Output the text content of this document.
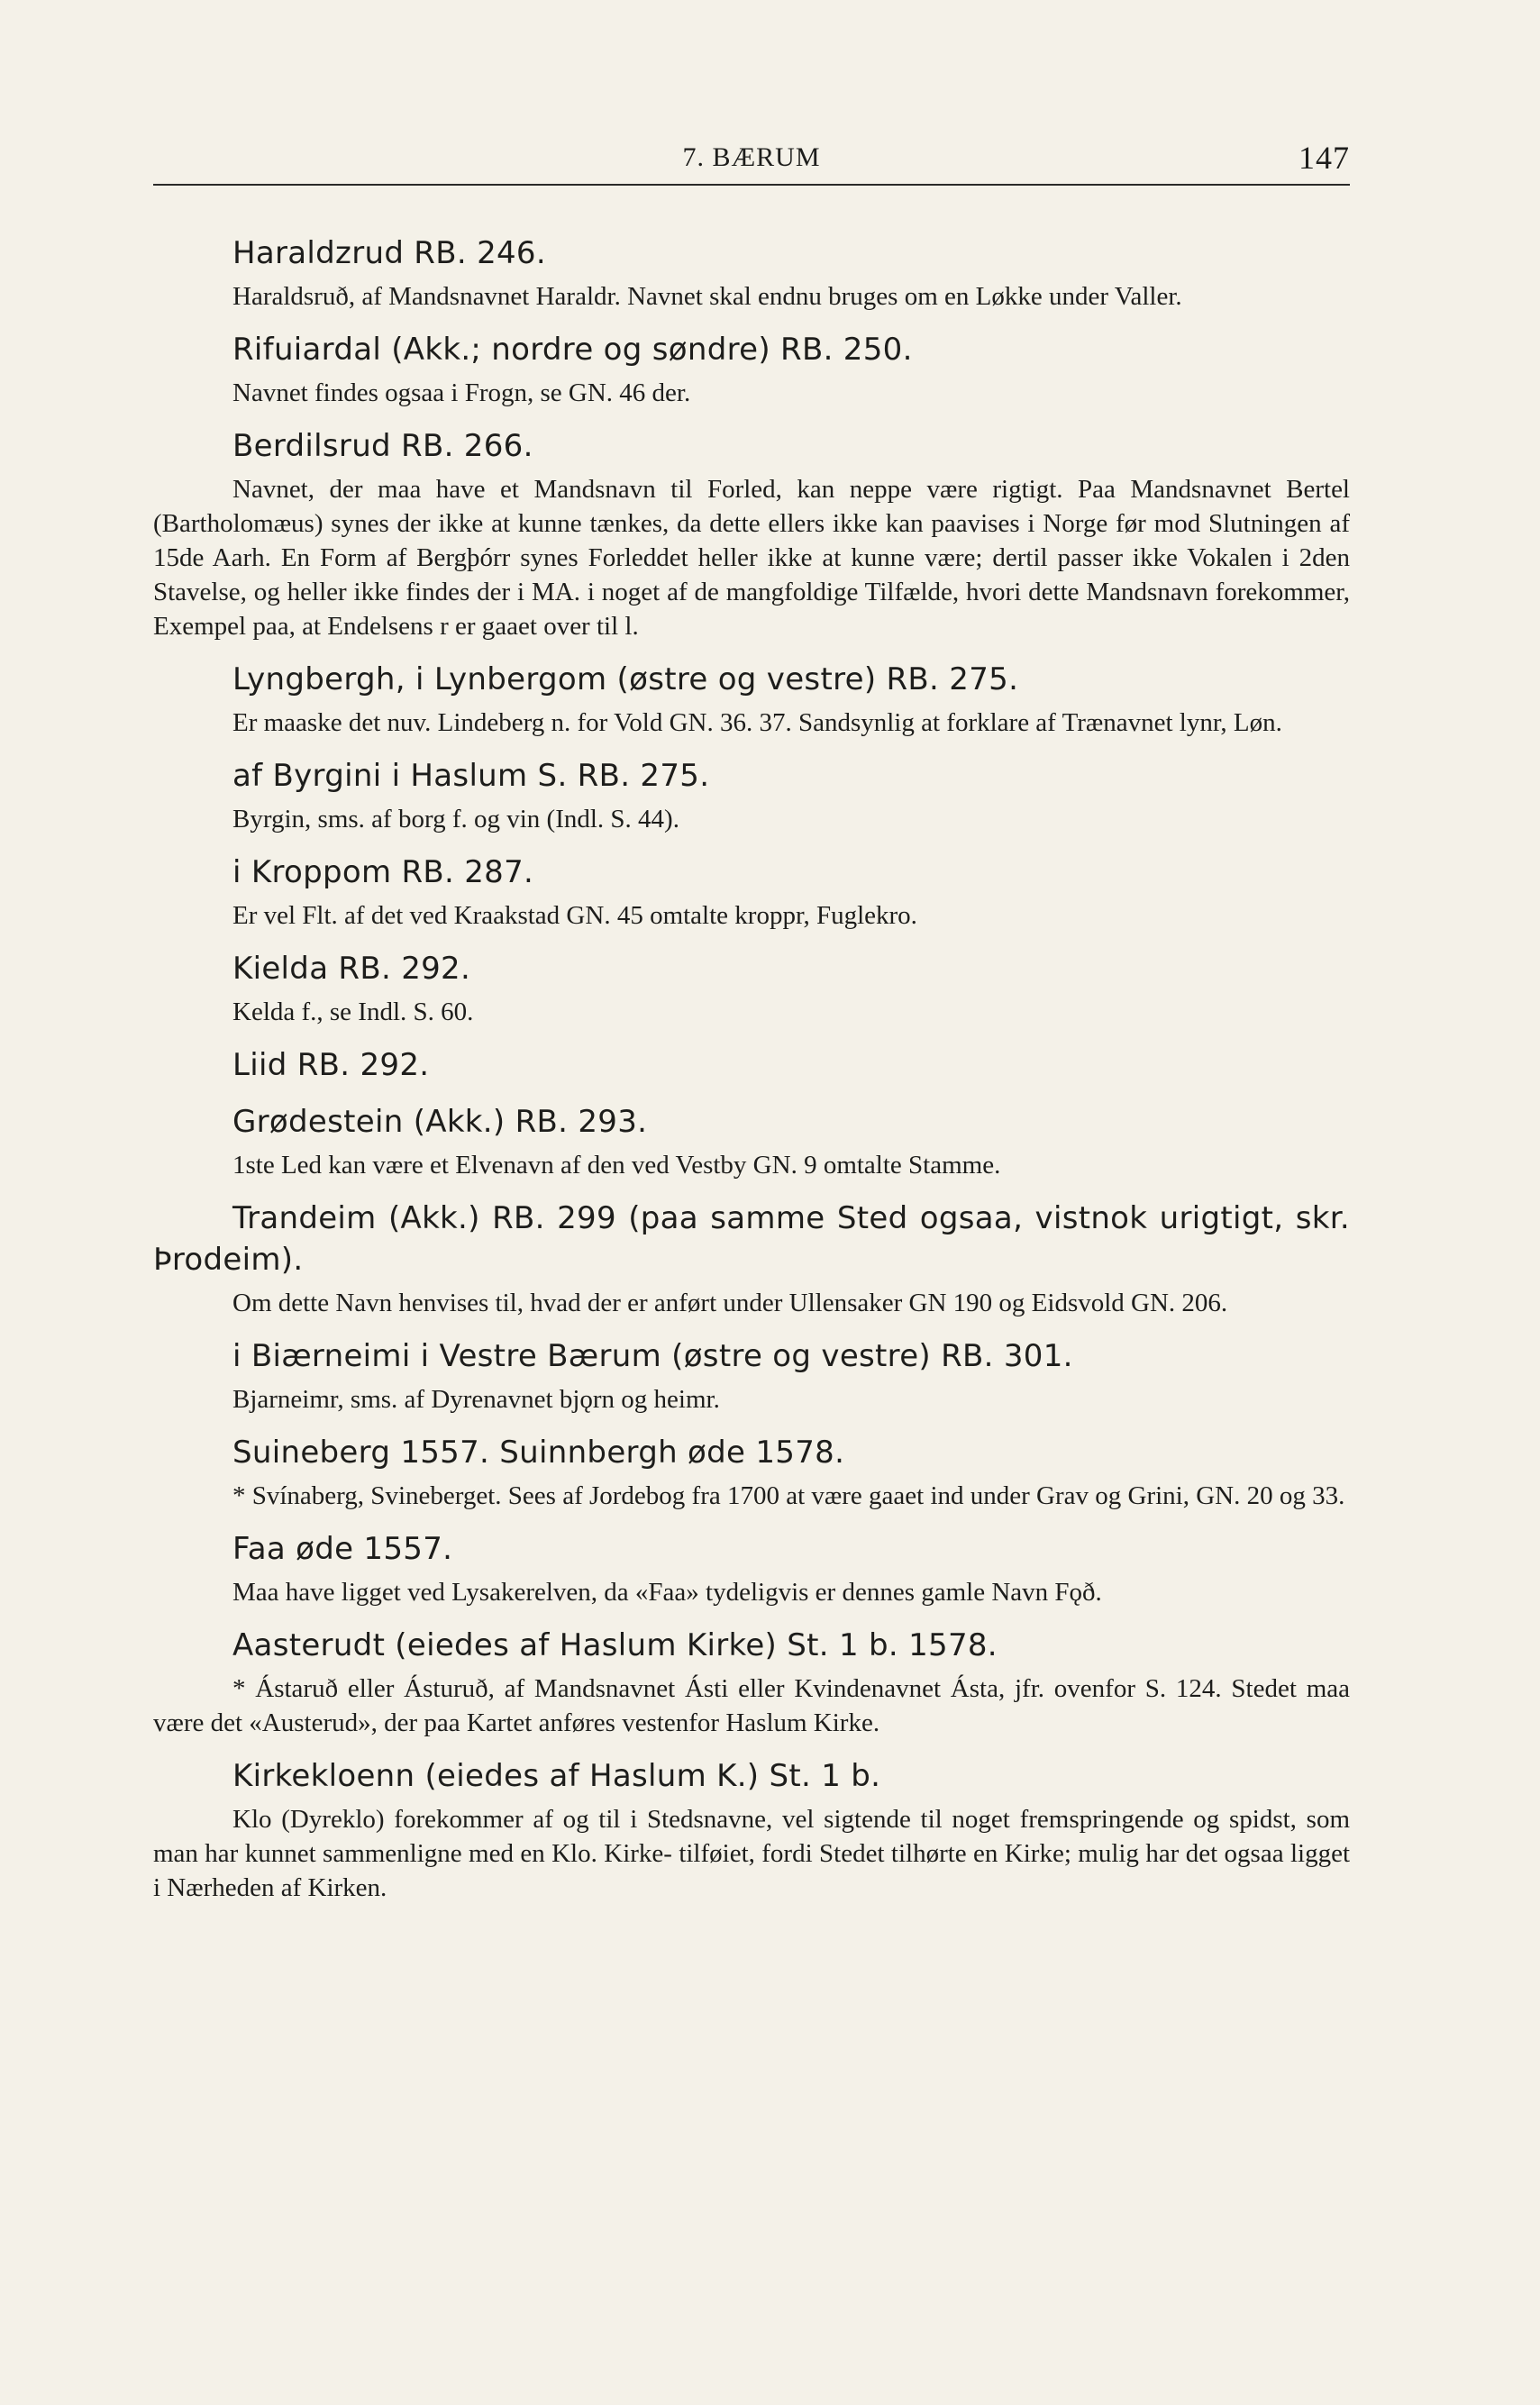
7. BÆRUM	147
Haraldzrud RB. 246.
Haraldsruð, af Mandsnavnet Haraldr. Navnet skal endnu bruges om en Løkke under Valler.
Rifuiardal (Akk.; nordre og søndre) RB. 250.
Navnet findes ogsaa i Frogn, se GN. 46 der.
Berdilsrud RB. 266.
Navnet, der maa have et Mandsnavn til Forled, kan neppe være rigtigt. Paa Mandsnavnet Bertel (Bartholomæus) synes der ikke at kunne tænkes, da dette ellers ikke kan paavises i Norge før mod Slutningen af 15de Aarh. En Form af Bergþórr synes Forleddet heller ikke at kunne være; dertil passer ikke Vokalen i 2den Stavelse, og heller ikke findes der i MA. i noget af de mangfoldige Tilfælde, hvori dette Mandsnavn forekommer, Exempel paa, at Endelsens r er gaaet over til l.
Lyngbergh, i Lynbergom (østre og vestre) RB. 275.
Er maaske det nuv. Lindeberg n. for Vold GN. 36. 37. Sandsynlig at forklare af Trænavnet lynr, Løn.
af Byrgini i Haslum S. RB. 275.
Byrgin, sms. af borg f. og vin (Indl. S. 44).
i Kroppom RB. 287.
Er vel Flt. af det ved Kraakstad GN. 45 omtalte kroppr, Fuglekro.
Kielda RB. 292.
Kelda f., se Indl. S. 60.
Liid RB. 292.
Grødestein (Akk.) RB. 293.
1ste Led kan være et Elvenavn af den ved Vestby GN. 9 omtalte Stamme.
Trandeim (Akk.) RB. 299 (paa samme Sted ogsaa, vistnok urigtigt, skr. Þrodeim).
Om dette Navn henvises til, hvad der er anført under Ullensaker GN 190 og Eidsvold GN. 206.
i Biærneimi i Vestre Bærum (østre og vestre) RB. 301.
Bjarneimr, sms. af Dyrenavnet bjǫrn og heimr.
Suineberg 1557. Suinnbergh øde 1578.
* Svínaberg, Svineberget. Sees af Jordebog fra 1700 at være gaaet ind under Grav og Grini, GN. 20 og 33.
Faa øde 1557.
Maa have ligget ved Lysakerelven, da «Faa» tydeligvis er dennes gamle Navn Fǫð.
Aasterudt (eiedes af Haslum Kirke) St. 1 b. 1578.
* Ástaruð eller Ásturuð, af Mandsnavnet Ásti eller Kvindenavnet Ásta, jfr. ovenfor S. 124. Stedet maa være det «Austerud», der paa Kartet anføres vestenfor Haslum Kirke.
Kirkekloenn (eiedes af Haslum K.) St. 1 b.
Klo (Dyreklo) forekommer af og til i Stedsnavne, vel sigtende til noget fremspringende og spidst, som man har kunnet sammenligne med en Klo. Kirke- tilføiet, fordi Stedet tilhørte en Kirke; mulig har det ogsaa ligget i Nærheden af Kirken.
